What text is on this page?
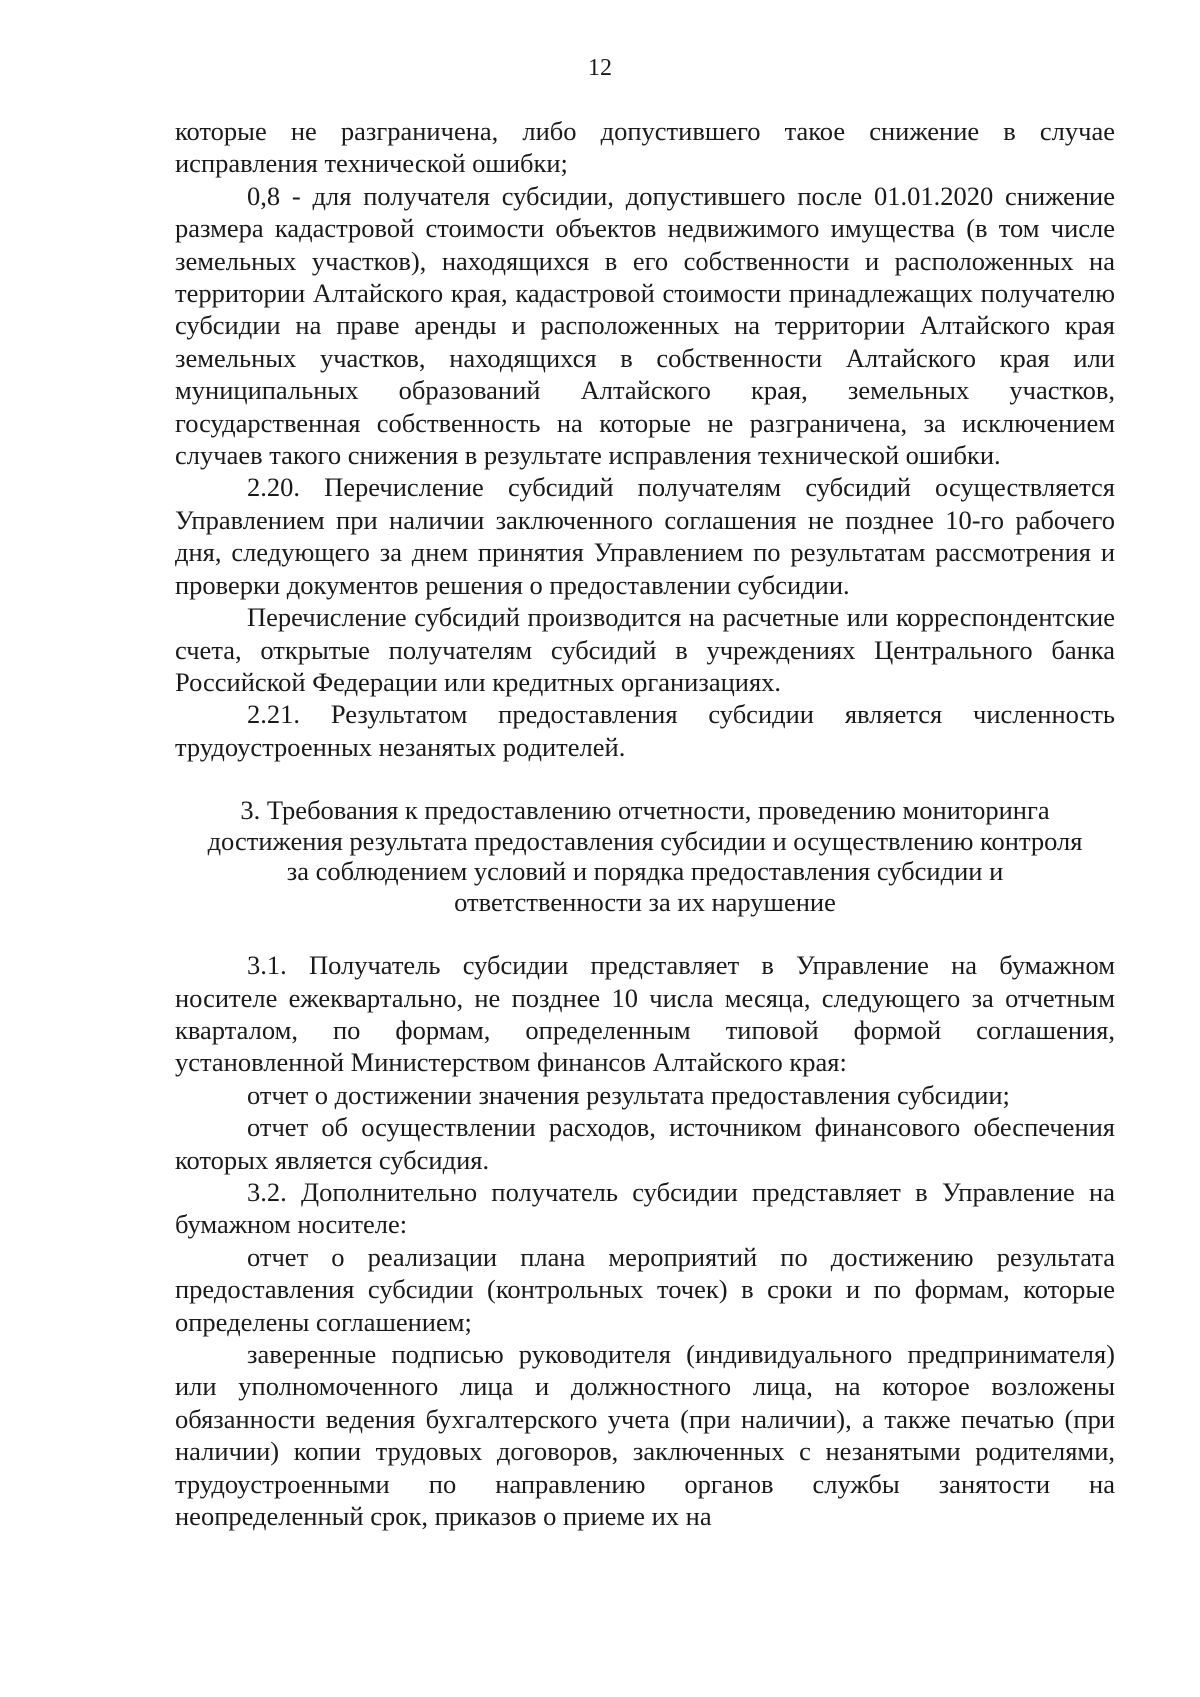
12

которые не разграничена, либо допустившего такое снижение в случае исправления технической ошибки;

0,8 - для получателя субсидии, допустившего после 01.01.2020 снижение размера кадастровой стоимости объектов недвижимого имущества (в том числе земельных участков), находящихся в его собственности и расположенных на территории Алтайского края, кадастровой стоимости принадлежащих получателю субсидии на праве аренды и расположенных на территории Алтайского края земельных участков, находящихся в собственности Алтайского края или муниципальных образований Алтайского края, земельных участков, государственная собственность на которые не разграничена, за исключением случаев такого снижения в результате исправления технической ошибки.

2.20. Перечисление субсидий получателям субсидий осуществляется Управлением при наличии заключенного соглашения не позднее 10-го рабочего дня, следующего за днем принятия Управлением по результатам рассмотрения и проверки документов решения о предоставлении субсидии.

Перечисление субсидий производится на расчетные или корреспондентские счета, открытые получателям субсидий в учреждениях Центрального банка Российской Федерации или кредитных организациях.

2.21. Результатом предоставления субсидии является численность трудоустроенных незанятых родителей.

3. Требования к предоставлению отчетности, проведению мониторинга
достижения результата предоставления субсидии и осуществлению контроля
за соблюдением условий и порядка предоставления субсидии и
ответственности за их нарушение

3.1. Получатель субсидии представляет в Управление на бумажном носителе ежеквартально, не позднее 10 числа месяца, следующего за отчетным кварталом, по формам, определенным типовой формой соглашения, установленной Министерством финансов Алтайского края:

отчет о достижении значения результата предоставления субсидии;

отчет об осуществлении расходов, источником финансового обеспечения которых является субсидия.

3.2. Дополнительно получатель субсидии представляет в Управление на бумажном носителе:

отчет о реализации плана мероприятий по достижению результата предоставления субсидии (контрольных точек) в сроки и по формам, которые определены соглашением;

заверенные подписью руководителя (индивидуального предпринимателя) или уполномоченного лица и должностного лица, на которое возложены обязанности ведения бухгалтерского учета (при наличии), а также печатью (при наличии) копии трудовых договоров, заключенных с незанятыми родителями, трудоустроенными по направлению органов службы занятости на неопределенный срок, приказов о приеме их на
